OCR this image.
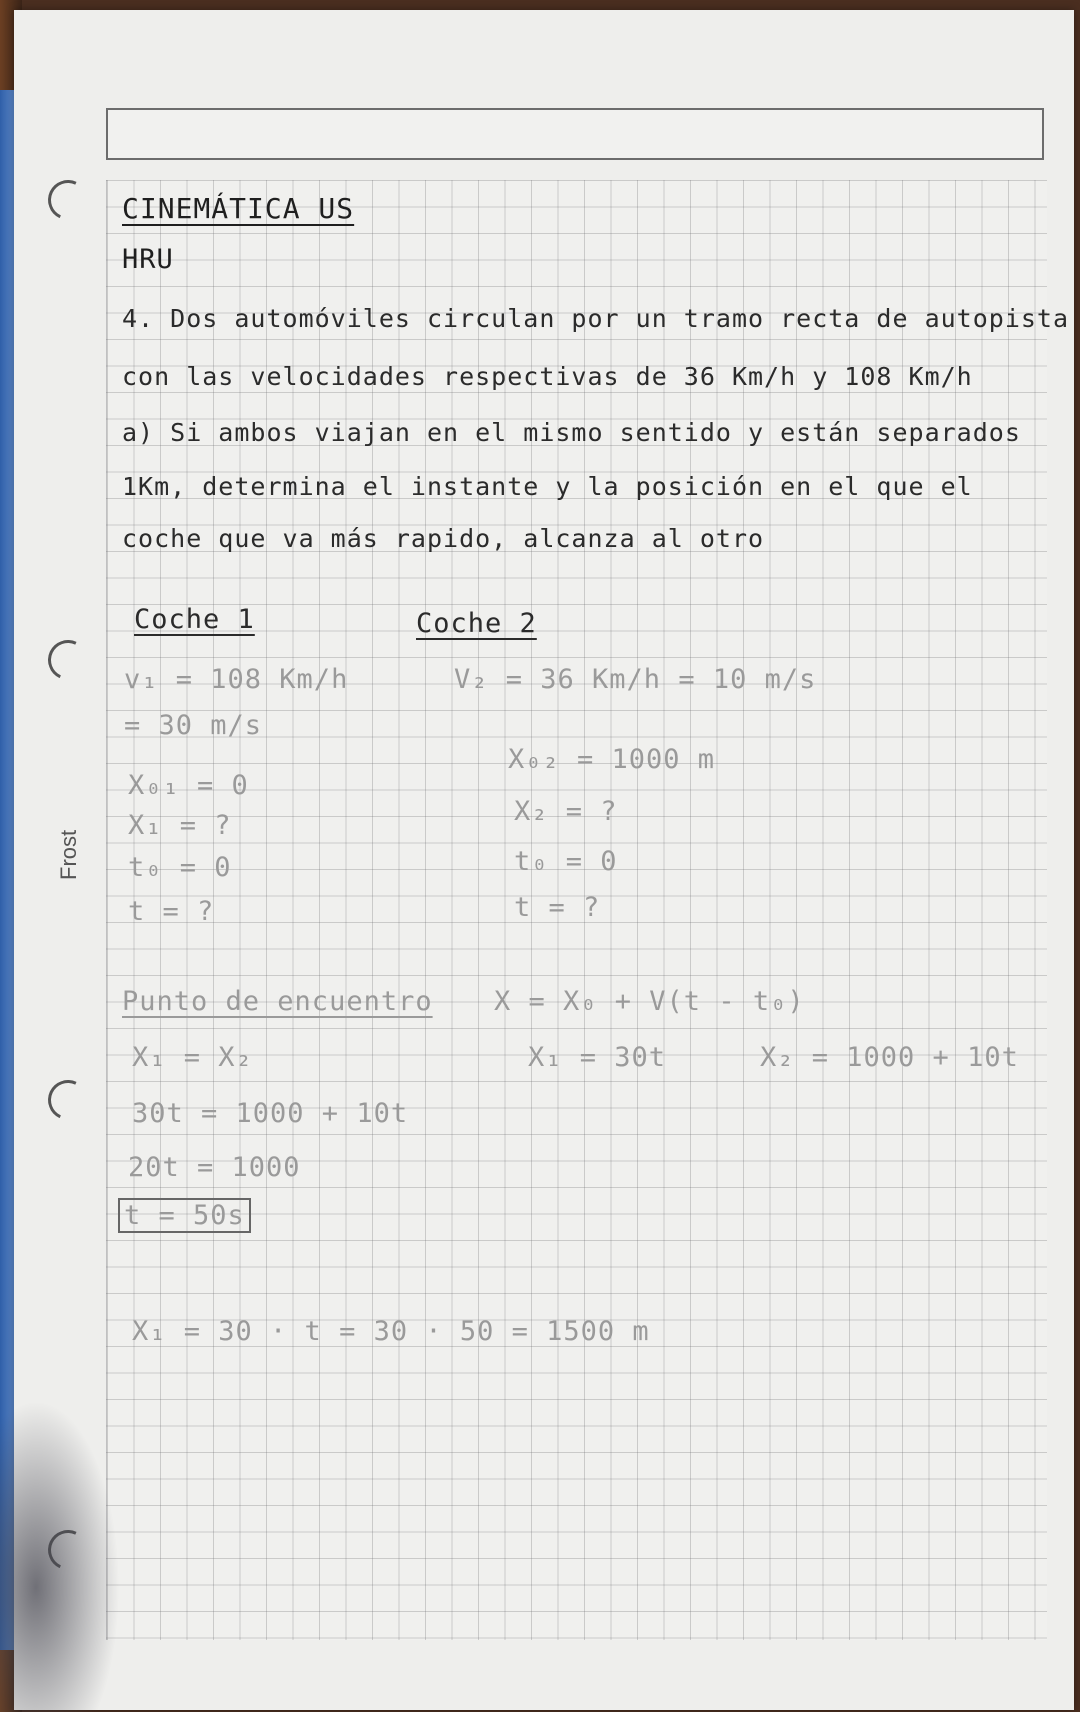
Frost
CINEMÁTICA US
HRU
4. Dos automóviles circulan por un tramo recta de autopista
con las velocidades respectivas de 36 Km/h y 108 Km/h
a) Si ambos viajan en el mismo sentido y están separados
1Km, determina el instante y la posición en el que el
coche que va más rapido, alcanza al otro
Coche 1
v₁ = 108 Km/h
= 30 m/s
X₀₁ = 0
X₁ = ?
t₀ = 0
t = ?
Coche 2
V₂ = 36 Km/h = 10 m/s
X₀₂ = 1000 m
X₂ = ?
t₀ = 0
t = ?
Punto de encuentro X = X₀ + V(t - t₀)
X₁ = 30t	X₂ = 1000 + 10t
X₁ = X₂
30t = 1000 + 10t
20t = 1000
t = 50s
X₁ = 30 · t = 30 · 50 = 1500 m
